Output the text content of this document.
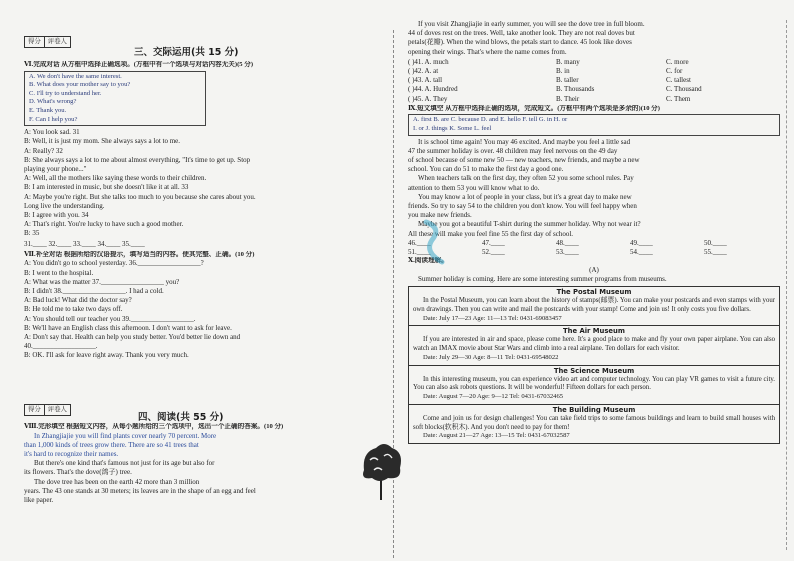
得分	评卷人
三、交际运用(共 15 分)
Ⅵ.完成对话 从方框中选择正确选项。(方框中有一个选项与对话内容无关)(5 分)
A. We don't have the same interest.
B. What does your mother say to you?
C. I'll try to understand her.
D. What's wrong?
E. Thank you.
F. Can I help you?
A: You look sad. 31
B: Well, it is just my mom. She always says a lot to me.
A: Really? 32
B: She always says a lot to me about almost everything, "It's time to get up. Stop
playing your phone..."
A: Well, all the mothers like saying these words to their children.
B: I am interested in music, but she doesn't like it at all. 33
A: Maybe you're right. But she talks too much to you because she cares about you.
Long live the understanding.
B: I agree with you. 34
A: That's right. You're lucky to have such a good mother.
B: 35
31.____ 32.____ 33.____ 34.____ 35.____
Ⅶ.补全对话 根据所给的汉语提示，填写适当的内容。使其完整、正确。(10 分)
A: You didn't go to school yesterday. 36.__________________?
B: I went to the hospital.
A: What was the matter 37.__________________ you?
B: I didn't 38.__________________. I had a cold.
A: Bad luck! What did the doctor say?
B: He told me to take two days off.
A: You should tell our teacher you 39.__________________.
B: We'll have an English class this afternoon. I don't want to ask for leave.
A: Don't say that. Health can help you study better. You'd better lie down and
40.__________________.
B: OK. I'll ask for leave right away. Thank you very much.
得分	评卷人
四、阅读(共 55 分)
Ⅷ.完形填空 根据短文内容，从每小题所给的三个选项中，选出一个正确的答案。(10 分)
In Zhangjiajie you will find plants cover nearly 70 percent. More
than 1,000 kinds of trees grow there. There are so 41 trees that
it's hard to recognize their names.
But there's one kind that's famous not just for its age but also for
its flowers. That's the dove(鸽子) tree.
The dove tree has been on the earth 42 more than 3 million
years. The 43 one stands at 30 meters; its leaves are in the shape of an egg and feel
like paper.
If you visit Zhangjiajie in early summer, you will see the dove tree in full bloom.
44 of doves rest on the trees. Well, take another look. They are not real doves but
petals(花瓣). When the wind blows, the petals start to dance. 45 look like doves
opening their wings. That's where the name comes from.
( )41. A. much	B. many	C. more
( )42. A. at	B. in	C. for
( )43. A. tall	B. taller	C. tallest
( )44. A. Hundred	B. Thousands	C. Thousand
( )45. A. They	B. Their	C. Them
Ⅸ.短文填空 从方框中选择正确的选项，完成短文。(方框中有两个选项是多余的)(10 分)
A. first B. are C. because D. and E. hello F. tell G. in H. or
I. or J. things K. Some L. feel
It is school time again! You may 46 excited. And maybe you feel a little sad
47 the summer holiday is over. 48 children may feel nervous on the 49 day
of school because of some new 50 — new teachers, new friends, and maybe a new
school. You can do 51 to make the first day a good one.
When teachers talk on the first day, they often 52 you some school rules. Pay
attention to them 53 you will know what to do.
You may know a lot of people in your class, but it's a great day to make new
friends. So try to say 54 to the children you don't know. You will feel happy when
you make new friends.
Maybe you got a beautiful T-shirt during the summer holiday. Why not wear it?
All these will make you feel fine 55 the first day of school.
46.____	47.____	48.____	49.____	50.____
51.____	52.____	53.____	54.____	55.____
Ⅹ.阅读理解。
(A)
Summer holiday is coming. Here are some interesting summer programs from museums.
The Postal Museum
In the Postal Museum, you can learn about the history of stamps(邮票). You can make your postcards and even stamps with your own drawings. Then you can write and mail the postcards with your stamp! Come and join us! It only costs you five dollars.
Date: July 17—23 Age: 11—13 Tel: 0431-69083457
The Air Museum
If you are interested in air and space, please come here. It's a good place to make and fly your own paper airplane. You can also watch an IMAX movie about Star Wars and climb into a real airplane. Ten dollars for each visitor.
Date: July 29—30 Age: 8—11 Tel: 0431-69548022
The Science Museum
In this interesting museum, you can experience video art and computer technology. You can play VR games to visit a future city. You can also ask robots questions. It will be wonderful! Fifteen dollars for each person.
Date: August 7—20 Age: 9—12 Tel: 0431-67032465
The Building Museum
Come and join us for design challenges! You can take field trips to some famous buildings and learn to build small houses with soft blocks(软积木). And you don't need to pay for them!
Date: August 21—27 Age: 13—15 Tel: 0431-67032587
